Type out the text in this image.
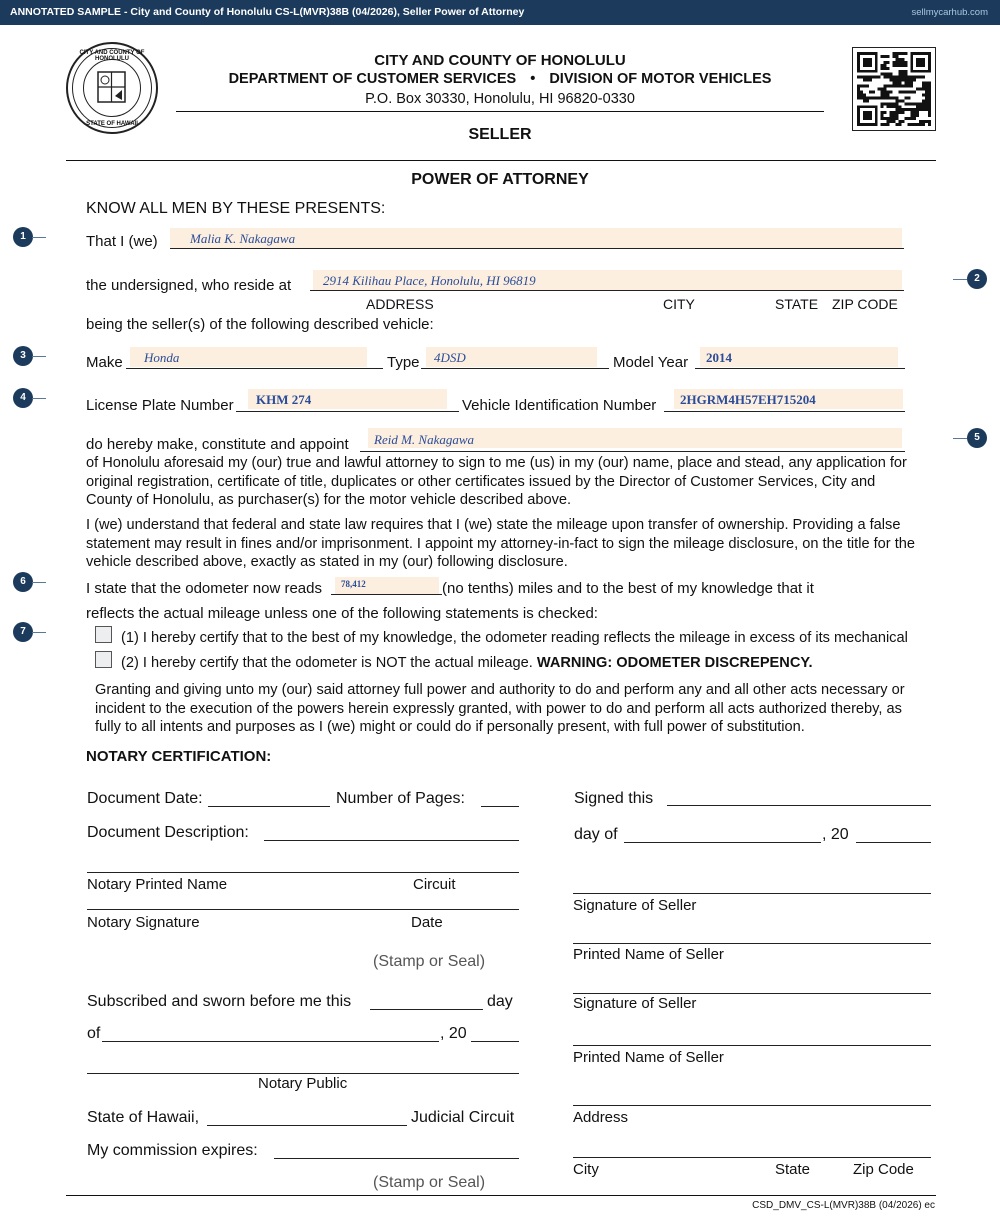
ANNOTATED SAMPLE - City and County of Honolulu CS-L(MVR)38B (04/2026), Seller Power of Attorney	sellmycarhub.com
CITY AND COUNTY OF HONOLULU
STATE OF HAWAII
CITY AND COUNTY OF HONOLULU
DEPARTMENT OF CUSTOMER SERVICES • DIVISION OF MOTOR VEHICLES
P.O. Box 30330, Honolulu, HI 96820-0330
SELLER
POWER OF ATTORNEY
KNOW ALL MEN BY THESE PRESENTS:
1	That I (we) Malia K. Nakagawa
2
the undersigned, who reside at 2914 Kilihau Place, Honolulu, HI 96819
ADDRESS	CITY	STATE ZIP CODE
being the seller(s) of the following described vehicle:
3	Make Honda	Type 4DSD	Model Year 2014
4	License Plate Number KHM 274	Vehicle Identification Number 2HGRM4H57EH715204
5
do hereby make, constitute and appoint Reid M. Nakagawa
of Honolulu aforesaid my (our) true and lawful attorney to sign to me (us) in my (our) name, place and stead, any application for original registration, certificate of title, duplicates or other certificates issued by the Director of Customer Services, City and County of Honolulu, as purchaser(s) for the motor vehicle described above.
I (we) understand that federal and state law requires that I (we) state the mileage upon transfer of ownership. Providing a false statement may result in fines and/or imprisonment. I appoint my attorney-in-fact to sign the mileage disclosure, on the title for the vehicle described above, exactly as stated in my (our) following disclosure.
6	I state that the odometer now reads 78,412	(no tenths) miles and to the best of my knowledge that it
reflects the actual mileage unless one of the following statements is checked:
7	(1) I hereby certify that to the best of my knowledge, the odometer reading reflects the mileage in excess of its mechanical
(2) I hereby certify that the odometer is NOT the actual mileage. WARNING: ODOMETER DISCREPENCY.
Granting and giving unto my (our) said attorney full power and authority to do and perform any and all other acts necessary or incident to the execution of the powers herein expressly granted, with power to do and perform all acts authorized thereby, as fully to all intents and purposes as I (we) might or could do if personally present, with full power of substitution.
NOTARY CERTIFICATION:
Document Date:	Number of Pages:
Document Description:
Notary Printed Name	Circuit
Notary Signature	Date
(Stamp or Seal)
Subscribed and sworn before me this	day
of	, 20
Notary Public
State of Hawaii,	Judicial Circuit
My commission expires:
(Stamp or Seal)
Signed this
day of	, 20
Signature of Seller
Printed Name of Seller
Signature of Seller
Printed Name of Seller
Address
City	State	Zip Code
CSD_DMV_CS-L(MVR)38B (04/2026) ec
